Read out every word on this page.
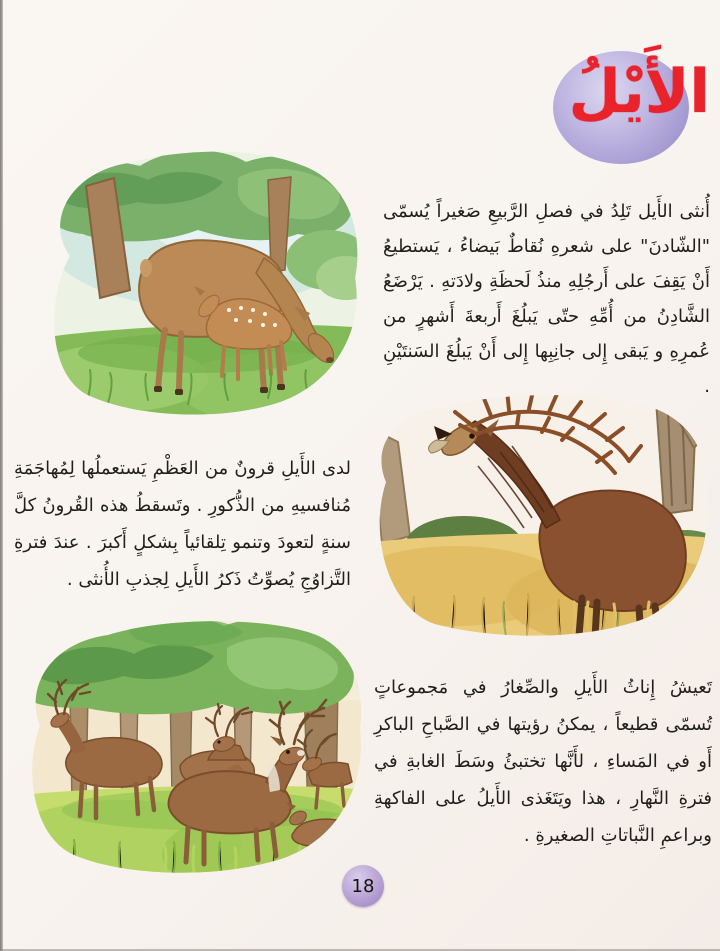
الأَيْلُ

أُنثى الأَيل تَلِدُ في فصلِ الرَّبيعِ صَغيراً يُسمّى "الشّادنَ" على شعرهِ نُقاطٌ بَيضاءُ ، يَستطيعُ أَنْ يَقِفَ على أَرجُلِهِ منذُ لَحظَةِ ولادَتهِ . يَرْضَعُ الشَّادِنُ من أُمِّهِ حتّى يَبلُغَ أَربعةَ أَشهرٍ من عُمرِهِ و يَبقى إِلى جانِبِها إِلى أَنْ يَبلُغَ السَنتَيْنِ .

لدى الأَيلِ قرونٌ من العَظْمِ يَستعملُها لِمُهاجَمَةِ مُنافسيهِ من الذُّكورِ . وتَسقطُ هذه القُرونُ كلَّ سنةٍ لتعودَ وتنمو تِلقائياً بِشكلٍ أَكبرَ . عندَ فترةِ التَّزاوُجِ يُصوِّتُ ذَكرُ الأَيلِ لِجذبِ الأُنثى .

تَعيشُ إِناثُ الأَيلِ والصِّغارُ في مَجموعاتٍ تُسمّى قطيعاً ، يمكنُ رؤيتها في الصَّباحِ الباكرِ أَو في المَساءِ ، لأَنَّها تختبئُ وسَطَ الغابةِ في فترةِ النَّهارِ ، هذا ويَتَغَذى الأَيلُ على الفاكهةِ وبراعمِ النَّباتاتِ الصغيرةِ .

18
